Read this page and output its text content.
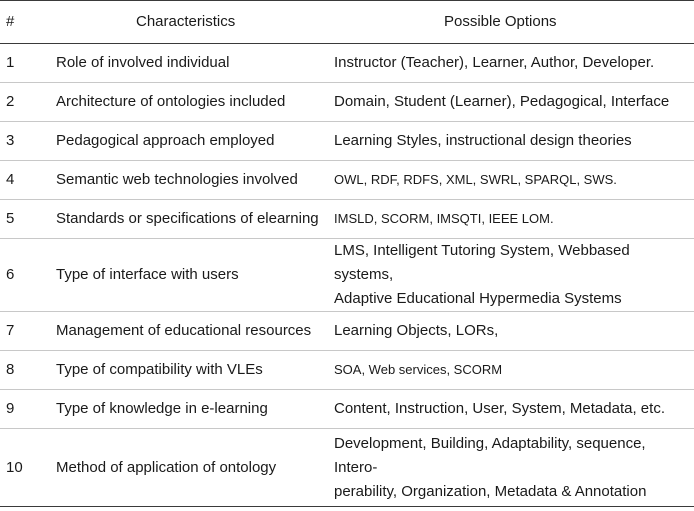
#	Characteristics	Possible Options
1	Role of involved individual	Instructor (Teacher), Learner, Author, Developer.
2	Architecture of ontologies included	Domain, Student (Learner), Pedagogical, Interface
3	Pedagogical approach employed	Learning Styles, instructional design theories
4	Semantic web technologies involved	OWL, RDF, RDFS, XML, SWRL, SPARQL, SWS.
5	Standards or specifications of elearning	IMSLD, SCORM, IMSQTI, IEEE LOM.
6	Type of interface with users	LMS, Intelligent Tutoring System, Webbased systems,
Adaptive Educational Hypermedia Systems

7	Management of educational resources	Learning Objects, LORs,
8	Type of compatibility with VLEs	SOA, Web services, SCORM
9	Type of knowledge in e-learning	Content, Instruction, User, System, Metadata, etc.
10	Method of application of ontology	Development, Building, Adaptability, sequence, Intero-
perability, Organization, Metadata & Annotation
